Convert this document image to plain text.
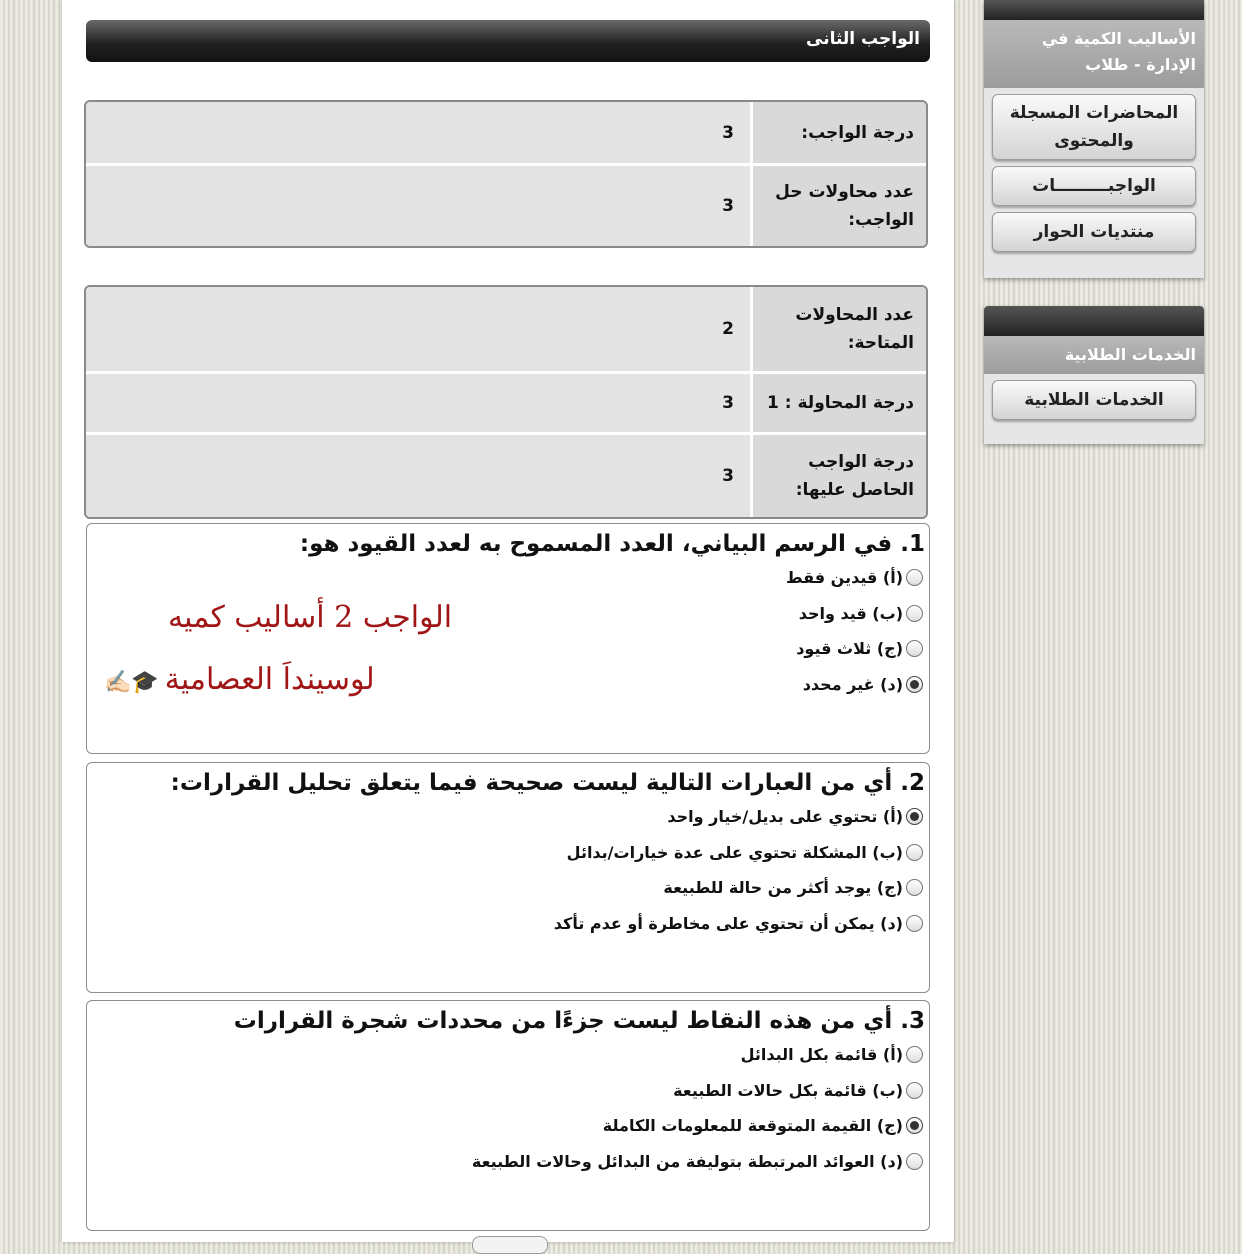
الواجب الثانى
درجة الواجب:
3
عدد محاولات حل الواجب:
3
عدد المحاولات المتاحة:
2
درجة المحاولة : 1
3
درجة الواجب الحاصل عليها:
3
1. في الرسم البياني، العدد المسموح به لعدد القيود هو:
(أ) قيدين فقط
(ب) قيد واحد
(ج) ثلاث قيود
(د) غير محدد
الواجب 2 أساليب كميه
لوسينداَ العصامية🎓✍🏻
2. أي من العبارات التالية ليست صحيحة فيما يتعلق تحليل القرارات:
(أ) تحتوي على بديل/خيار واحد
(ب) المشكلة تحتوي على عدة خيارات/بدائل
(ج) يوجد أكثر من حالة للطبيعة
(د) يمكن أن تحتوي على مخاطرة أو عدم تأكد
3. أي من هذه النقاط ليست جزءًا من محددات شجرة القرارات
(أ) قائمة بكل البدائل
(ب) قائمة بكل حالات الطبيعة
(ج) القيمة المتوقعة للمعلومات الكاملة
(د) العوائد المرتبطة بتوليفة من البدائل وحالات الطبيعة
الأساليب الكمية في الإدارة - طلاب
المحاضرات المسجلة والمحتوى
الواجبـــــــــات
منتديات الحوار
الخدمات الطلابية
الخدمات الطلابية
